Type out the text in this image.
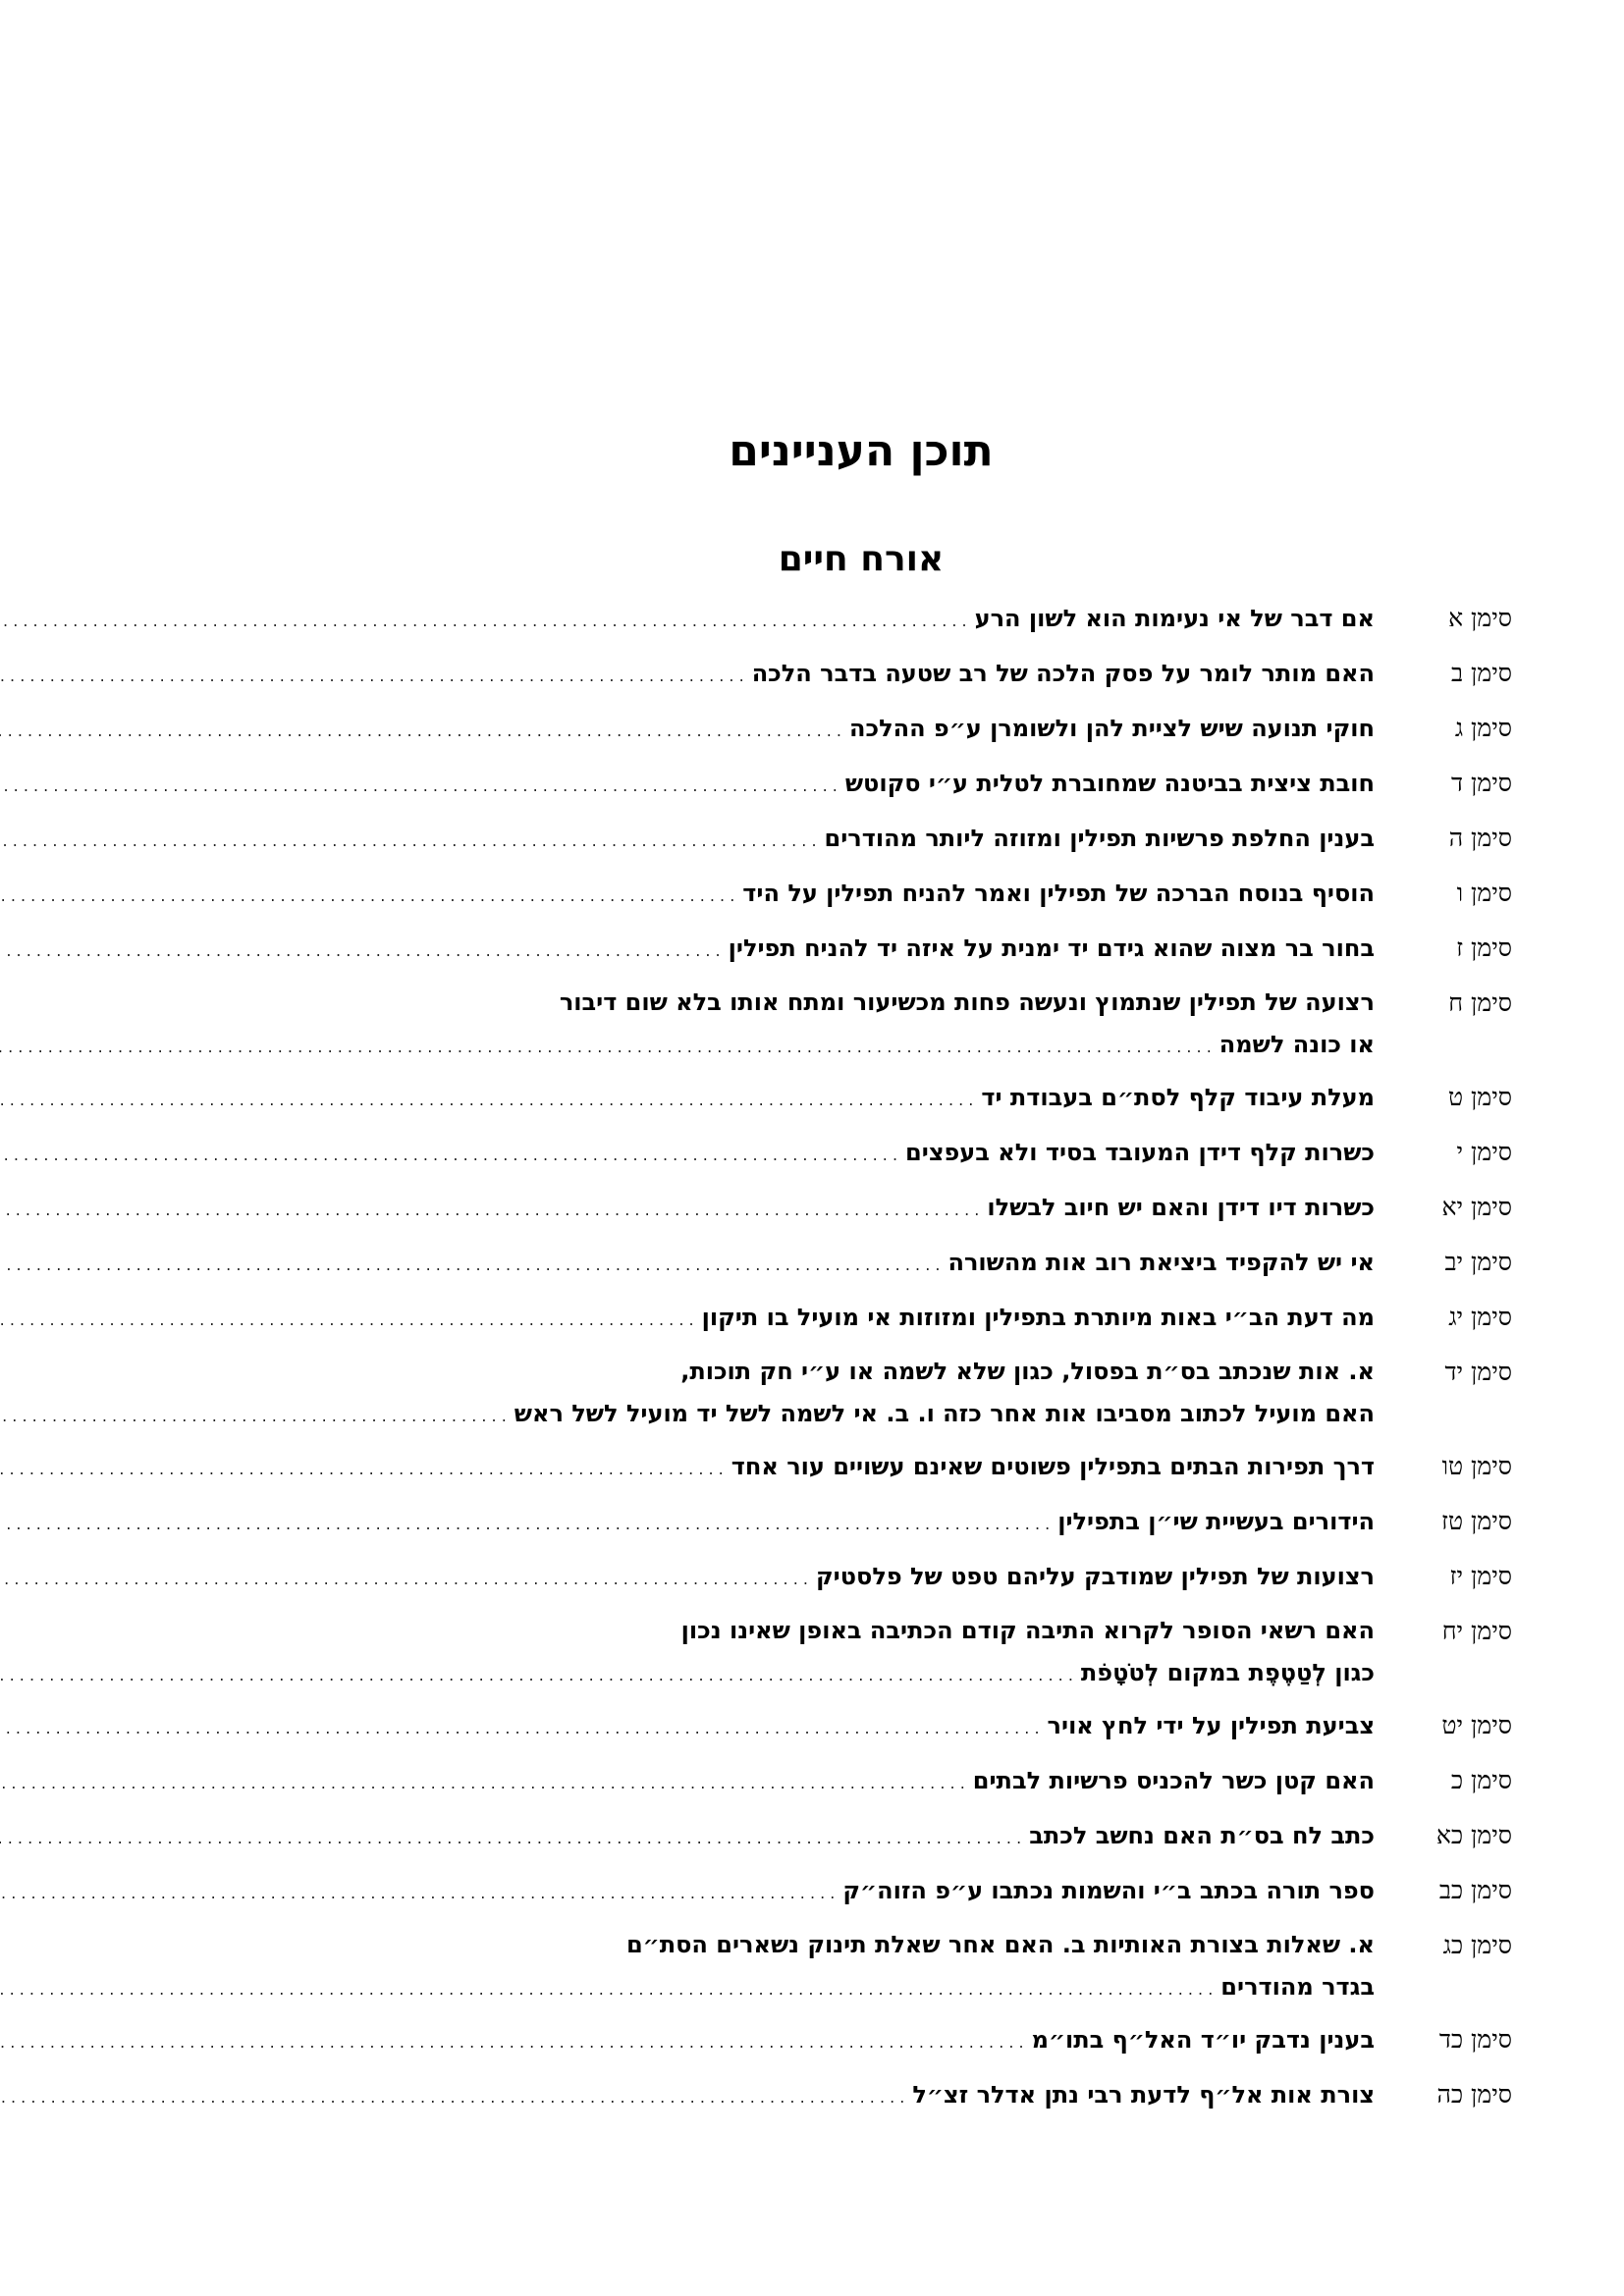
תוכן העניינים
אורח חיים
סימן א
אם דבר של אי נעימות הוא לשון הרע
. . .
סימן ב
האם מותר לומר על פסק הלכה של רב שטעה בדבר הלכה
. . .
סימן ג
חוקי תנועה שיש לציית להן ולשומרן ע״פ ההלכה
. . .
סימן ד
חובת ציצית בביטנה שמחוברת לטלית ע״י סקוטש
. . .
סימן ה
בענין החלפת פרשיות תפילין ומזוזה ליותר מהודרים
. . .
סימן ו
הוסיף בנוסח הברכה של תפילין ואמר להניח תפילין על היד
. . .
סימן ז
בחור בר מצוה שהוא גידם יד ימנית על איזה יד להניח תפילין
. . .
סימן ח
רצועה של תפילין שנתמוץ ונעשה פחות מכשיעור ומתח אותו בלא שום דיבור
או כונה לשמה
. . .
סימן ט
מעלת עיבוד קלף לסת״ם בעבודת יד
. . .
סימן י
כשרות קלף דידן המעובד בסיד ולא בעפצים
. . .
סימן יא
כשרות דיו דידן והאם יש חיוב לבשלו
. . .
סימן יב
אי יש להקפיד ביציאת רוב אות מהשורה
. . .
סימן יג
מה דעת הב״י באות מיותרת בתפילין ומזוזות אי מועיל בו תיקון
. . .
סימן יד
א. אות שנכתב בס״ת בפסול, כגון שלא לשמה או ע״י חק תוכות,
האם מועיל לכתוב מסביבו אות אחר כזה ו. ב. אי לשמה לשל יד מועיל לשל ראש
. . .
סימן טו
דרך תפירות הבתים בתפילין פשוטים שאינם עשויים עור אחד
. . .
סימן טז
הידורים בעשיית שי״ן בתפילין
. . .
סימן יז
רצועות של תפילין שמודבק עליהם טפט של פלסטיק
. . .
סימן יח
האם רשאי הסופר לקרוא התיבה קודם הכתיבה באופן שאינו נכון
כגון לְטַטֶפֶת במקום לְטֹטָפֹת
. . .
סימן יט
צביעת תפילין על ידי לחץ אויר
. . .
סימן כ
האם קטן כשר להכניס פרשיות לבתים
. . .
סימן כא
כתב לח בס״ת האם נחשב לכתב
. . .
סימן כב
ספר תורה בכתב ב״י והשמות נכתבו ע״פ הזוה״ק
. . .
סימן כג
א. שאלות בצורת האותיות ב. האם אחר שאלת תינוק נשארים הסת״ם
בגדר מהודרים
. . .
סימן כד
בענין נדבק יו״ד האל״ף בתו״מ
. . .
סימן כה
צורת אות אל״ף לדעת רבי נתן אדלר זצ״ל
. . .
